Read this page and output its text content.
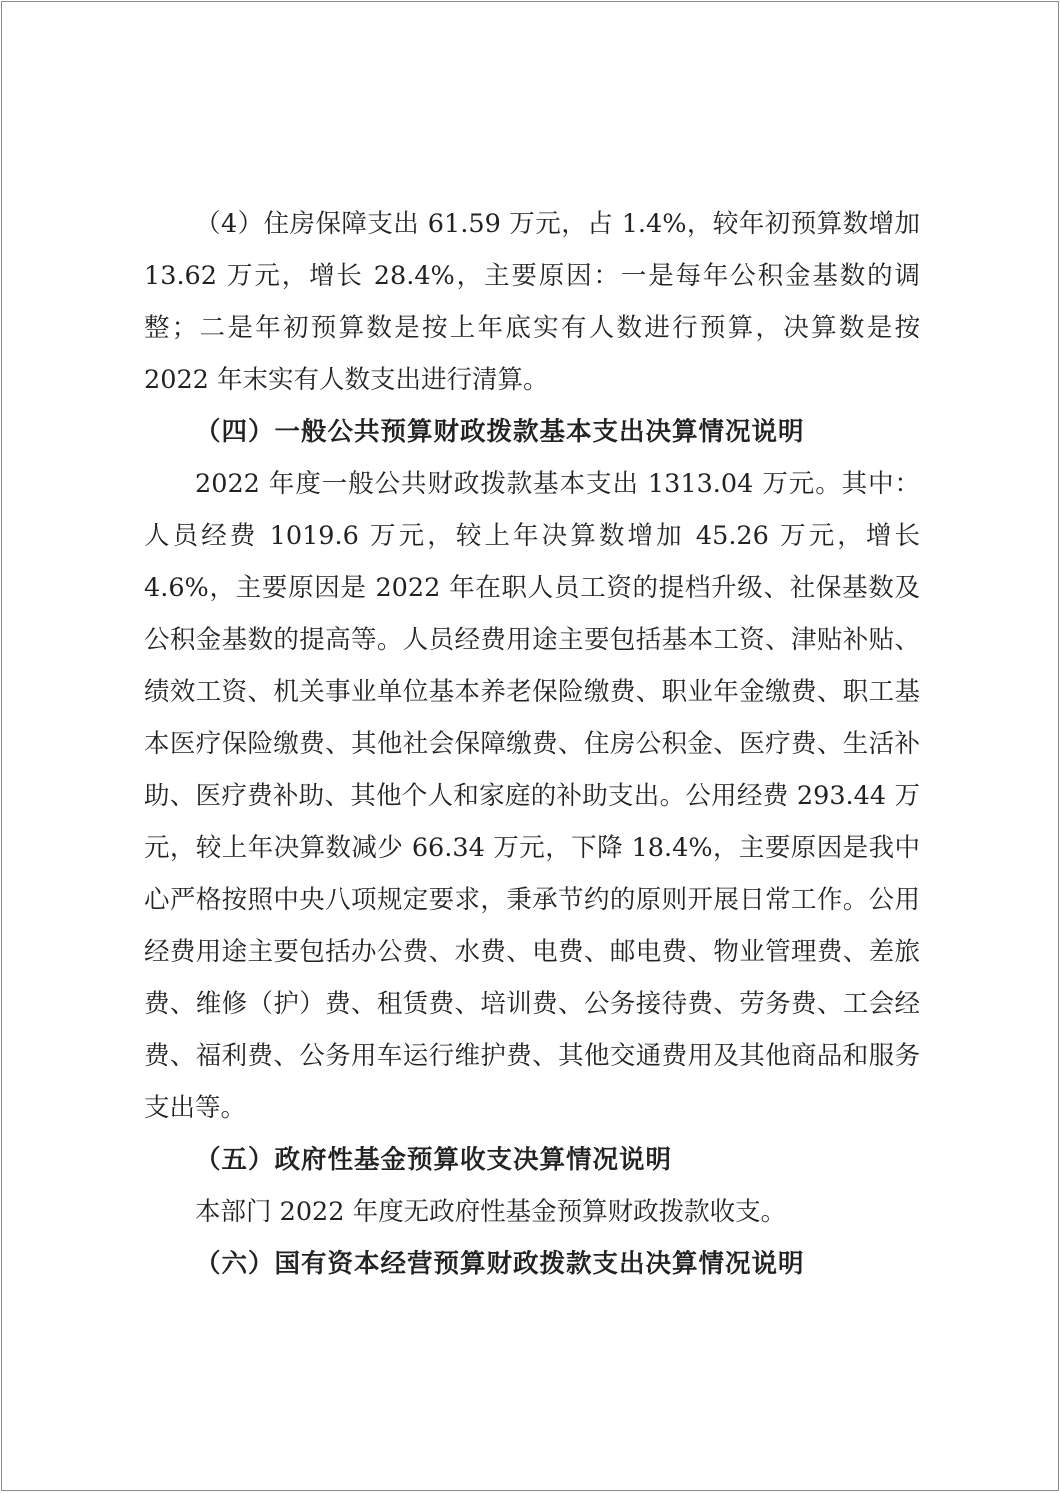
（4）住房保障支出 61.59 万元，占 1.4%，较年初预算数增加 13.62 万元，增长 28.4%，主要原因：一是每年公积金基数的调整；二是年初预算数是按上年底实有人数进行预算，决算数是按 2022 年末实有人数支出进行清算。

（四）一般公共预算财政拨款基本支出决算情况说明

2022 年度一般公共财政拨款基本支出 1313.04 万元。其中：人员经费 1019.6 万元，较上年决算数增加 45.26 万元，增长 4.6%，主要原因是 2022 年在职人员工资的提档升级、社保基数及公积金基数的提高等。人员经费用途主要包括基本工资、津贴补贴、绩效工资、机关事业单位基本养老保险缴费、职业年金缴费、职工基本医疗保险缴费、其他社会保障缴费、住房公积金、医疗费、生活补助、医疗费补助、其他个人和家庭的补助支出。公用经费 293.44 万元，较上年决算数减少 66.34 万元，下降 18.4%，主要原因是我中心严格按照中央八项规定要求，秉承节约的原则开展日常工作。公用经费用途主要包括办公费、水费、电费、邮电费、物业管理费、差旅费、维修（护）费、租赁费、培训费、公务接待费、劳务费、工会经费、福利费、公务用车运行维护费、其他交通费用及其他商品和服务支出等。

（五）政府性基金预算收支决算情况说明

本部门 2022 年度无政府性基金预算财政拨款收支。

（六）国有资本经营预算财政拨款支出决算情况说明
